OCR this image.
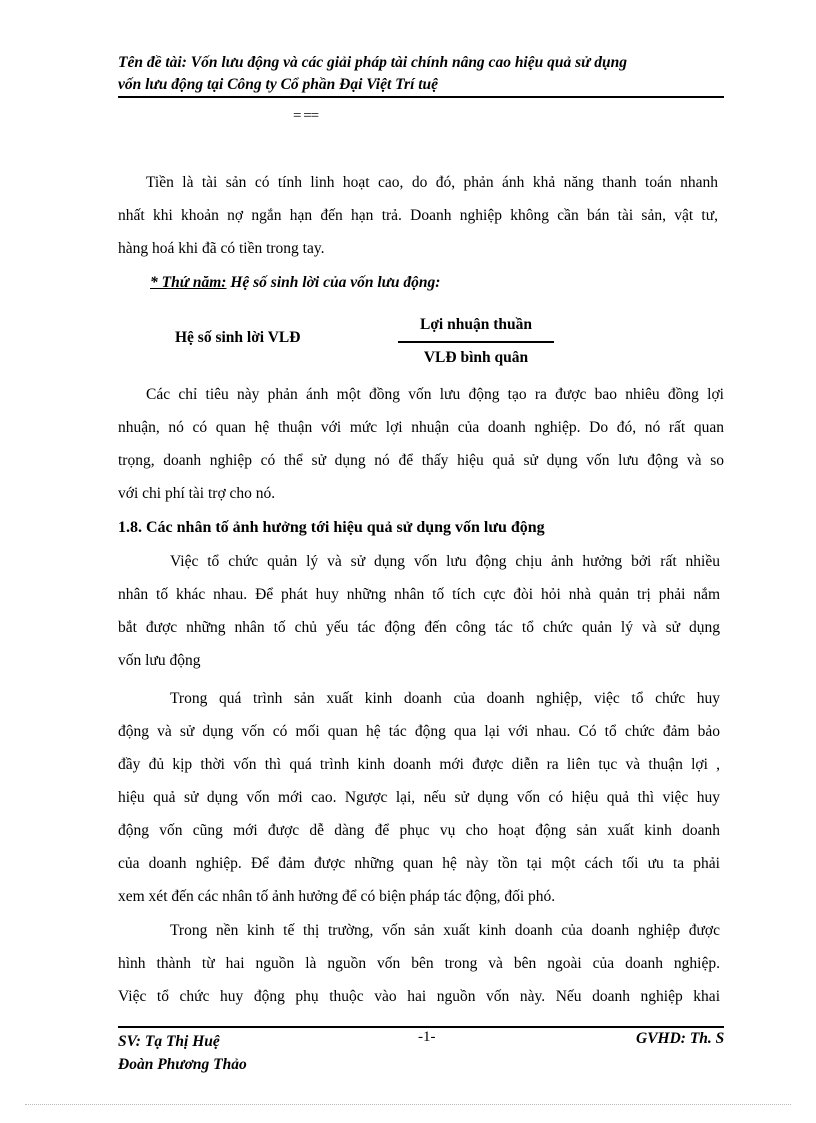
Tên đề tài: Vốn lưu động và các giải pháp tài chính nâng cao hiệu quả sử dụng
vốn lưu động tại Công ty Cổ phần Đại Việt Trí tuệ
= ==
Tiền là tài sản có tính linh hoạt cao, do đó, phản ánh khả năng thanh toán nhanh
nhất khi khoản nợ ngắn hạn đến hạn trả. Doanh nghiệp không cần bán tài sản, vật tư,
hàng hoá khi đã có tiền trong tay.
* Thứ năm: Hệ số sinh lời của vốn lưu động:
Hệ số sinh lời VLĐ
Lợi nhuận thuần
VLĐ bình quân
Các chỉ tiêu này phản ánh một đồng vốn lưu động tạo ra được bao nhiêu đồng lợi
nhuận, nó có quan hệ thuận với mức lợi nhuận của doanh nghiệp. Do đó, nó rất quan
trọng, doanh nghiệp có thể sử dụng nó để thấy hiệu quả sử dụng vốn lưu động và so
với chi phí tài trợ cho nó.
1.8. Các nhân tố ảnh hưởng tới hiệu quả sử dụng vốn lưu động
Việc tổ chức quản lý và sử dụng vốn lưu động chịu ảnh hưởng bởi rất nhiều
nhân tố khác nhau. Để phát huy những nhân tố tích cực đòi hỏi nhà quản trị phải nắm
bắt được những nhân tố chủ yếu tác động đến công tác tổ chức quản lý và sử dụng
vốn lưu động
Trong quá trình sản xuất kinh doanh của doanh nghiệp, việc tổ chức huy
động và sử dụng vốn có mối quan hệ tác động qua lại với nhau. Có tổ chức đảm bảo
đầy đủ kịp thời vốn thì quá trình kinh doanh mới được diễn ra liên tục và thuận lợi ,
hiệu quả sử dụng vốn mới cao. Ngược lại, nếu sử dụng vốn có hiệu quả thì việc huy
động vốn cũng mới được dễ dàng để phục vụ cho hoạt động sản xuất kinh doanh
của doanh nghiệp. Để đảm được những quan hệ này tồn tại một cách tối ưu ta phải
xem xét đến các nhân tố ảnh hưởng để có biện pháp tác động, đối phó.
Trong nền kinh tế thị trường, vốn sản xuất kinh doanh của doanh nghiệp được
hình thành từ hai nguồn là nguồn vốn bên trong và bên ngoài của doanh nghiệp.
Việc tổ chức huy động phụ thuộc vào hai nguồn vốn này. Nếu doanh nghiệp khai
SV: Tạ Thị Huệ
Đoàn Phương Thảo
-1-	GVHD: Th. S
